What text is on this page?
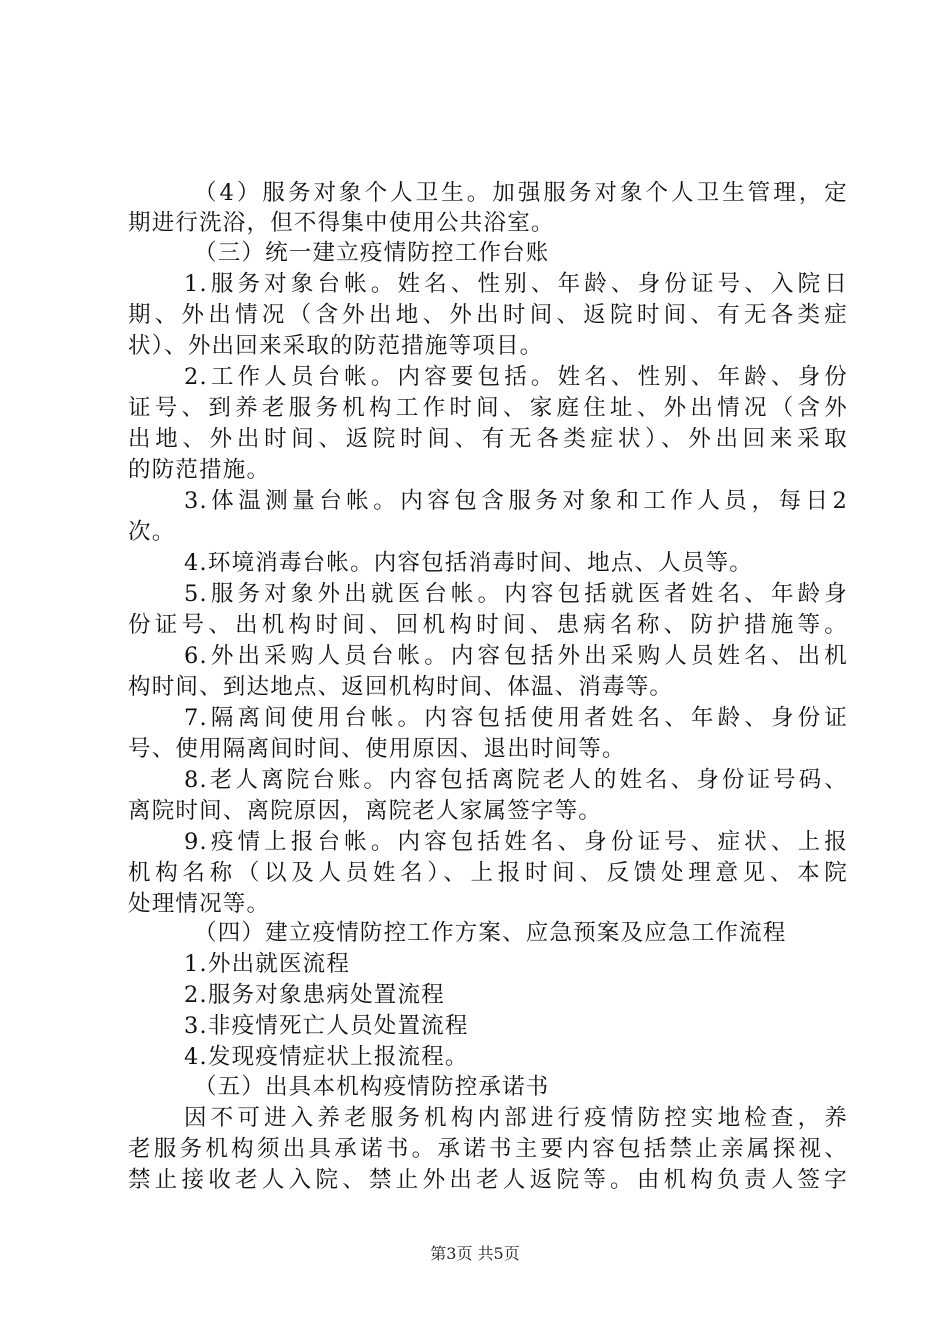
（4）服务对象个人卫生。加强服务对象个人卫生管理，定
期进行洗浴，但不得集中使用公共浴室。
（三）统一建立疫情防控工作台账
1.服务对象台帐。姓名、性别、年龄、身份证号、入院日
期、外出情况（含外出地、外出时间、返院时间、有无各类症
状）、外出回来采取的防范措施等项目。
2.工作人员台帐。内容要包括。姓名、性别、年龄、身份
证号、到养老服务机构工作时间、家庭住址、外出情况（含外
出地、外出时间、返院时间、有无各类症状）、外出回来采取
的防范措施。
3.体温测量台帐。内容包含服务对象和工作人员，每日2
次。
4.环境消毒台帐。内容包括消毒时间、地点、人员等。
5.服务对象外出就医台帐。内容包括就医者姓名、年龄身
份证号、出机构时间、回机构时间、患病名称、防护措施等。
6.外出采购人员台帐。内容包括外出采购人员姓名、出机
构时间、到达地点、返回机构时间、体温、消毒等。
7.隔离间使用台帐。内容包括使用者姓名、年龄、身份证
号、使用隔离间时间、使用原因、退出时间等。
8.老人离院台账。内容包括离院老人的姓名、身份证号码、
离院时间、离院原因，离院老人家属签字等。
9.疫情上报台帐。内容包括姓名、身份证号、症状、上报
机构名称（以及人员姓名）、上报时间、反馈处理意见、本院
处理情况等。
（四）建立疫情防控工作方案、应急预案及应急工作流程
1.外出就医流程
2.服务对象患病处置流程
3.非疫情死亡人员处置流程
4.发现疫情症状上报流程。
（五）出具本机构疫情防控承诺书
因不可进入养老服务机构内部进行疫情防控实地检查，养
老服务机构须出具承诺书。承诺书主要内容包括禁止亲属探视、
禁止接收老人入院、禁止外出老人返院等。由机构负责人签字
第3页 共5页
